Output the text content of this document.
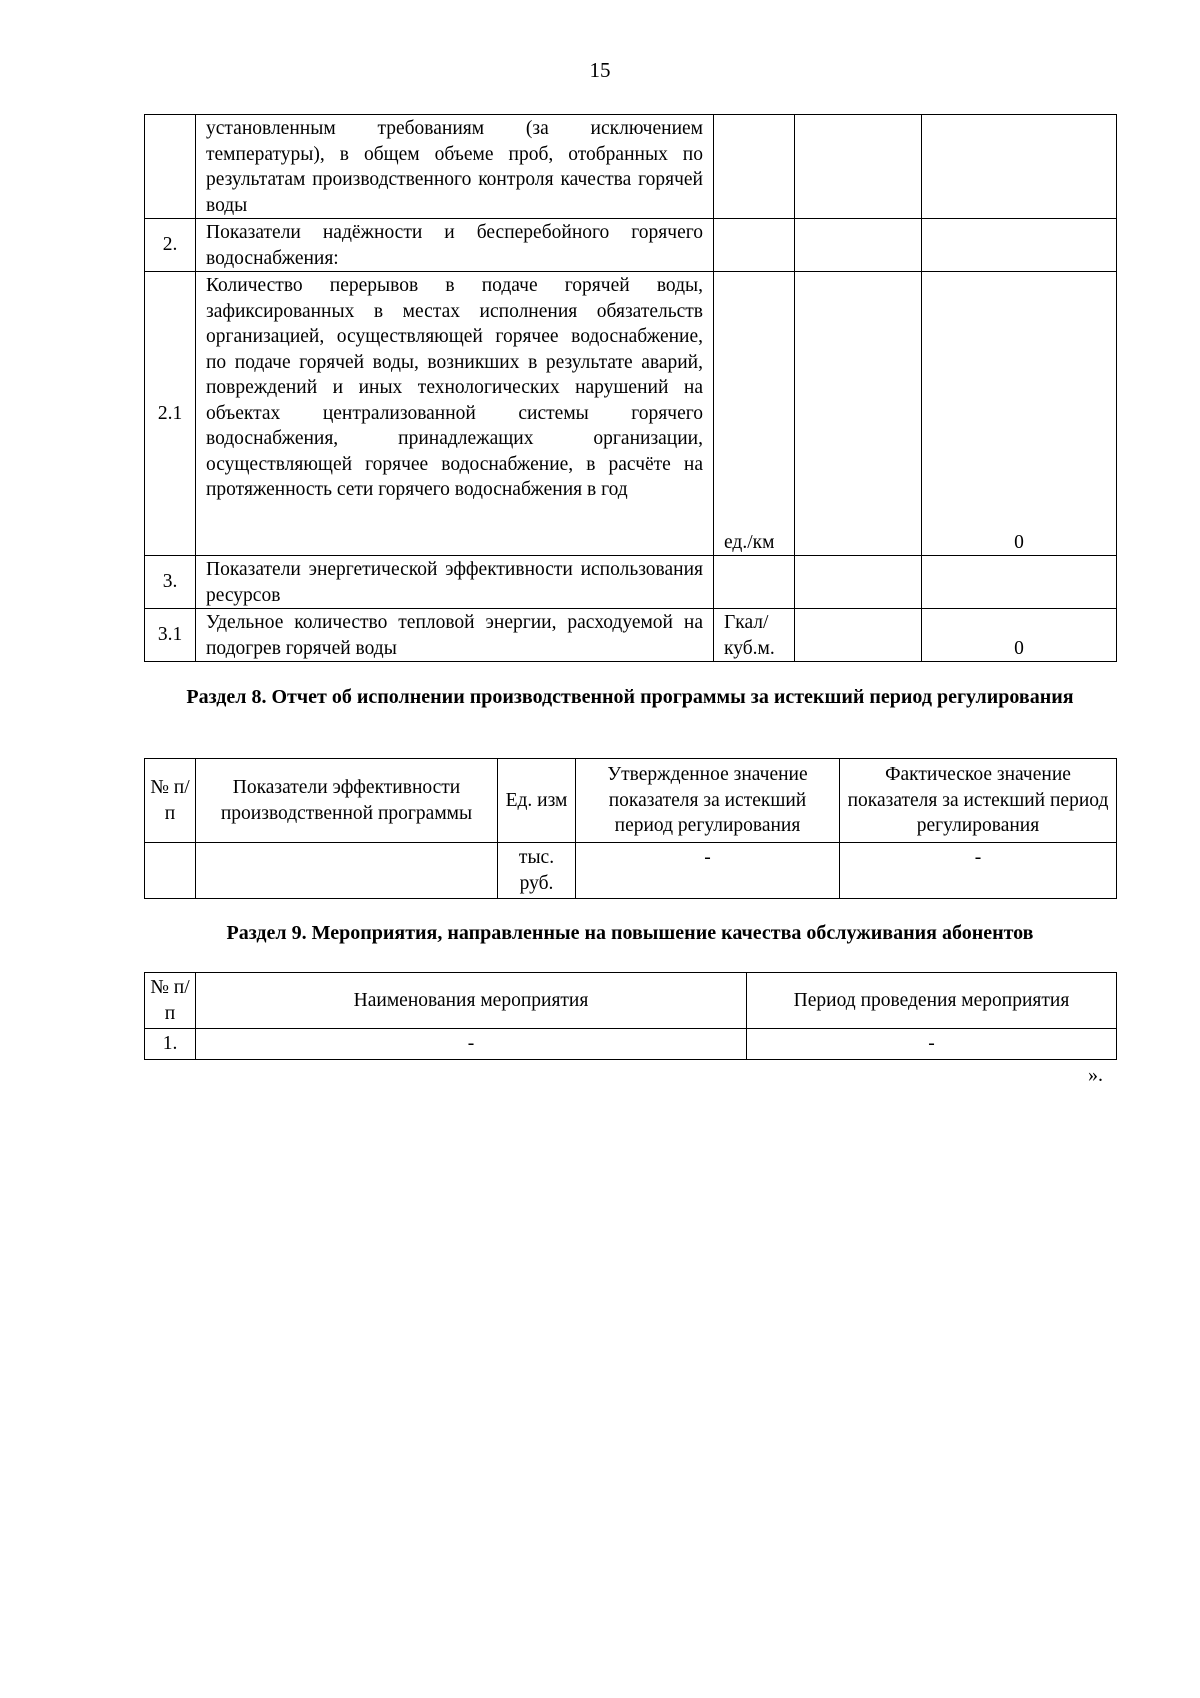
15
	установленным требованиям (за исключением температуры), в общем объеме проб, отобранных по результатам производственного контроля качества горячей воды			
2.	Показатели надёжности и бесперебойного горячего водоснабжения:			
2.1	Количество перерывов в подаче горячей воды, зафиксированных в местах исполнения обязательств организацией, осуществляющей горячее водоснабжение, по подаче горячей воды, возникших в результате аварий, повреждений и иных технологических нарушений на объектах централизованной системы горячего водоснабжения, принадлежащих организации, осуществляющей горячее водоснабжение, в расчёте на протяженность сети горячего водоснабжения в год	ед./км		0
3.	Показатели энергетической эффективности использования ресурсов			
3.1	Удельное количество тепловой энергии, расходуемой на подогрев горячей воды	Гкал/ куб.м.		0
Раздел 8. Отчет об исполнении производственной программы за истекший период регулирования
№ п/п	Показатели эффективности производственной программы	Ед. изм	Утвержденное значение показателя за истекший период регулирования	Фактическое значение показателя за истекший период регулирования
		тыс. руб.	-	-
Раздел 9. Мероприятия, направленные на повышение качества обслуживания абонентов
№ п/п	Наименования мероприятия	Период проведения мероприятия
1.	-	-
».
